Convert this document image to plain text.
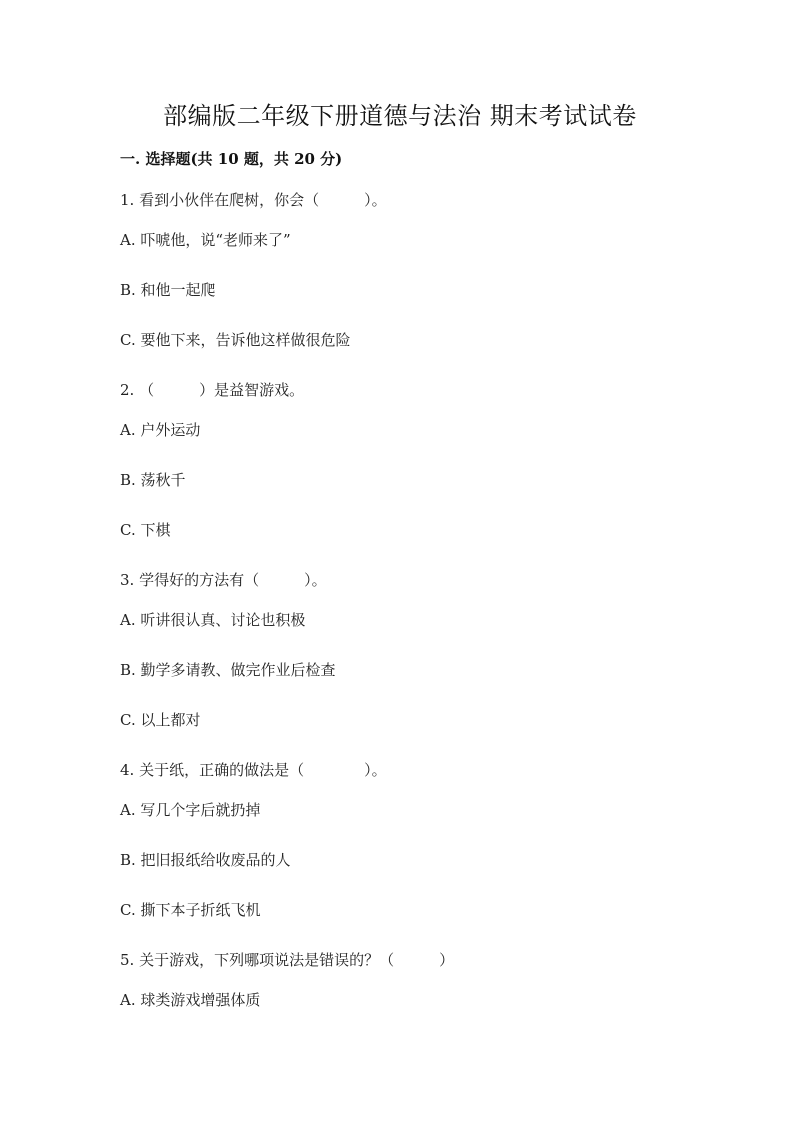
部编版二年级下册道德与法治 期末考试试卷
一. 选择题(共 10 题，共 20 分)
1. 看到小伙伴在爬树，你会（　　　）。
A. 吓唬他，说“老师来了”
B. 和他一起爬
C. 要他下来，告诉他这样做很危险
2. （　　　）是益智游戏。
A. 户外运动
B. 荡秋千
C. 下棋
3. 学得好的方法有（　　　）。
A. 听讲很认真、讨论也积极
B. 勤学多请教、做完作业后检查
C. 以上都对
4. 关于纸，正确的做法是（　　　　）。
A. 写几个字后就扔掉
B. 把旧报纸给收废品的人
C. 撕下本子折纸飞机
5. 关于游戏，下列哪项说法是错误的？（　　　）
A. 球类游戏增强体质
